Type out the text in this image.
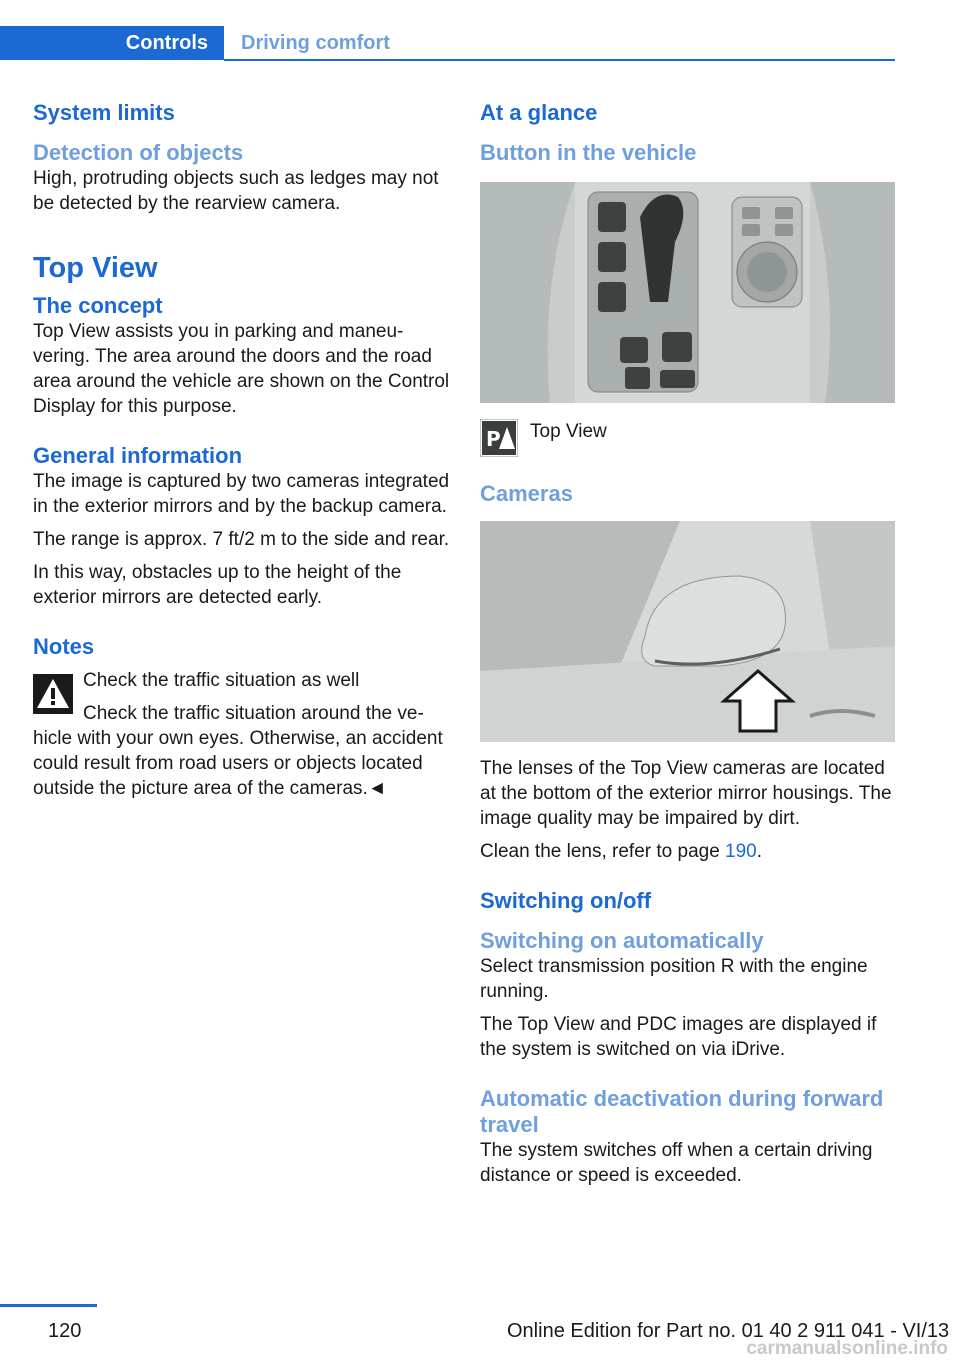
Controls	Driving comfort
System limits
Detection of objects

High, protruding objects such as ledges may not be detected by the rearview camera.

Top View
The concept

Top View assists you in parking and maneuvering. The area around the doors and the road area around the vehicle are shown on the Control Display for this purpose.

General information

The image is captured by two cameras integrated in the exterior mirrors and by the backup camera.

The range is approx. 7 ft/2 m to the side and rear.

In this way, obstacles up to the height of the exterior mirrors are detected early.

Notes

Check the traffic situation as well

Check the traffic situation around the vehicle with your own eyes. Otherwise, an accident could result from road users or objects located outside the picture area of the cameras.◄

At a glance
Button in the vehicle
P Top View

Cameras

The lenses of the Top View cameras are located at the bottom of the exterior mirror housings. The image quality may be impaired by dirt.

Clean the lens, refer to page 190.

Switching on/off
Switching on automatically

Select transmission position R with the engine running.

The Top View and PDC images are displayed if the system is switched on via iDrive.

Automatic deactivation during forward travel

The system switches off when a certain driving distance or speed is exceeded.

120	Online Edition for Part no. 01 40 2 911 041 - VI/13
carmanualsonline.info
